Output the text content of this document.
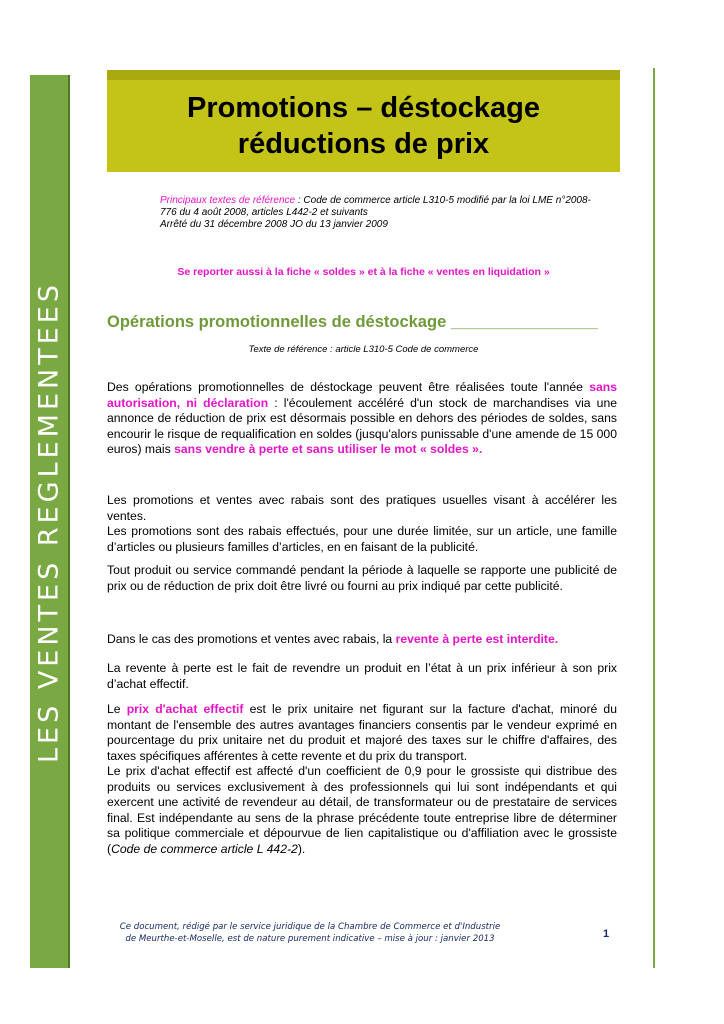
LES VENTES REGLEMENTEES
Promotions – déstockage
réductions de prix
Principaux textes de référence : Code de commerce article L310-5 modifié par la loi LME n°2008-776 du 4 août 2008, articles L442-2 et suivants
Arrêté du 31 décembre 2008 JO du 13 janvier 2009
Se reporter aussi à la fiche « soldes » et à la fiche « ventes en liquidation »
Opérations promotionnelles de déstockage ________________
Texte de référence : article L310-5 Code de commerce
Des opérations promotionnelles de déstockage peuvent être réalisées toute l'année sans autorisation, ni déclaration : l'écoulement accéléré d'un stock de marchandises via une annonce de réduction de prix est désormais possible en dehors des périodes de soldes, sans encourir le risque de requalification en soldes (jusqu'alors punissable d'une amende de 15 000 euros) mais sans vendre à perte et sans utiliser le mot « soldes ».
Les promotions et ventes avec rabais sont des pratiques usuelles visant à accélérer les ventes.
Les promotions sont des rabais effectués, pour une durée limitée, sur un article, une famille d’articles ou plusieurs familles d’articles, en en faisant de la publicité.
Tout produit ou service commandé pendant la période à laquelle se rapporte une publicité de prix ou de réduction de prix doit être livré ou fourni au prix indiqué par cette publicité.
Dans le cas des promotions et ventes avec rabais, la revente à perte est interdite.
La revente à perte est le fait de revendre un produit en l’état à un prix inférieur à son prix d’achat effectif.
Le prix d'achat effectif est le prix unitaire net figurant sur la facture d'achat, minoré du montant de l'ensemble des autres avantages financiers consentis par le vendeur exprimé en pourcentage du prix unitaire net du produit et majoré des taxes sur le chiffre d'affaires, des taxes spécifiques afférentes à cette revente et du prix du transport.
Le prix d'achat effectif est affecté d'un coefficient de 0,9 pour le grossiste qui distribue des produits ou services exclusivement à des professionnels qui lui sont indépendants et qui exercent une activité de revendeur au détail, de transformateur ou de prestataire de services final. Est indépendante au sens de la phrase précédente toute entreprise libre de déterminer sa politique commerciale et dépourvue de lien capitalistique ou d'affiliation avec le grossiste (Code de commerce article L 442-2).
Ce document, rédigé par le service juridique de la Chambre de Commerce et d'Industrie
de Meurthe-et-Moselle, est de nature purement indicative – mise à jour : janvier 2013	1
